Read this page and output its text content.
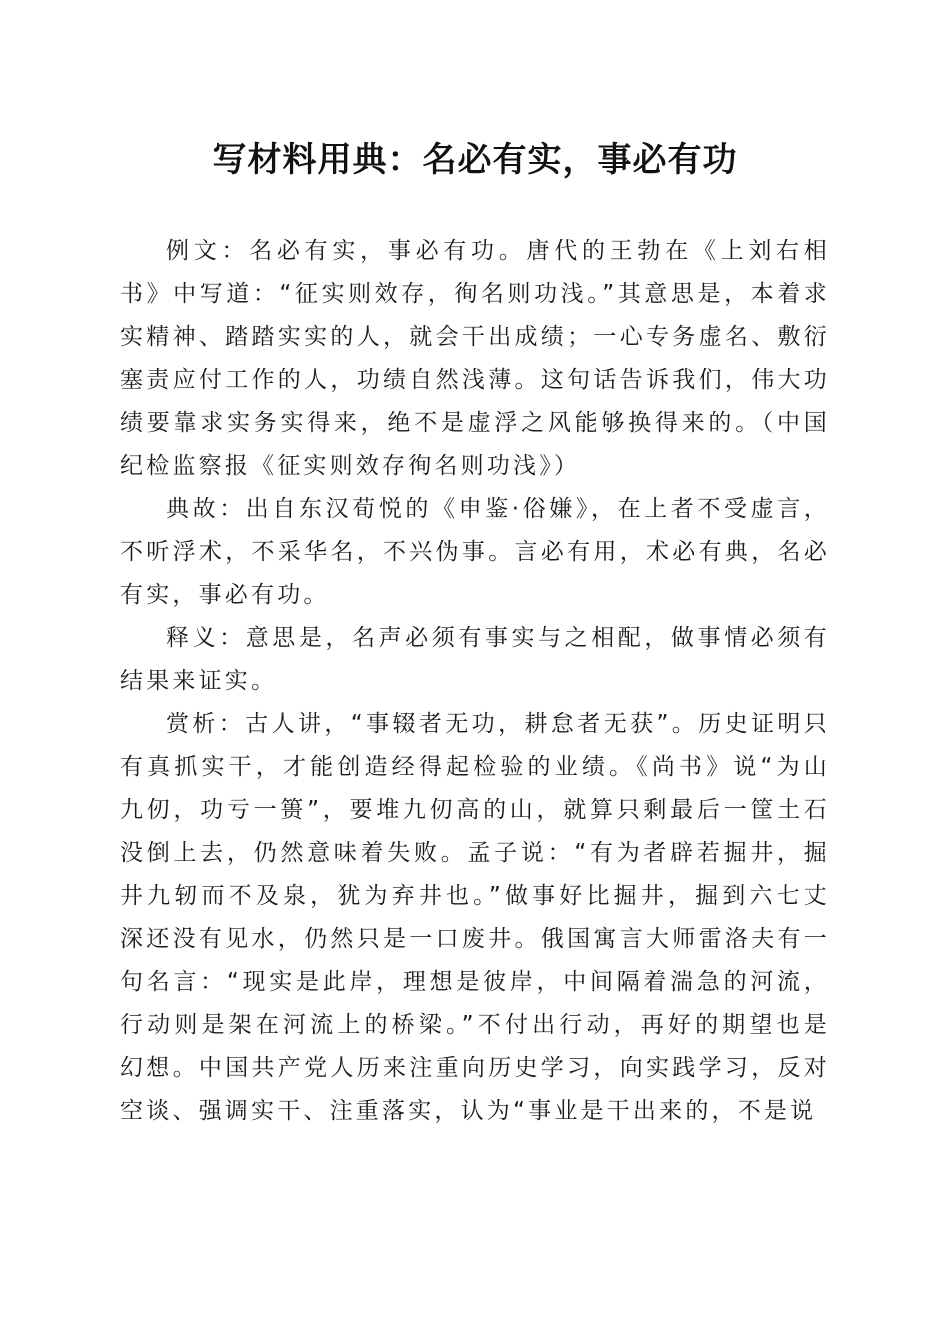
写材料用典：名必有实，事必有功

例文：名必有实，事必有功。唐代的王勃在《上刘右相书》中写道：“征实则效存，徇名则功浅。”其意思是，本着求实精神、踏踏实实的人，就会干出成绩；一心专务虚名、敷衍塞责应付工作的人，功绩自然浅薄。这句话告诉我们，伟大功绩要靠求实务实得来，绝不是虚浮之风能够换得来的。（中国纪检监察报《征实则效存徇名则功浅》）

典故：出自东汉荀悦的《申鉴·俗嫌》，在上者不受虚言，不听浮术，不采华名，不兴伪事。言必有用，术必有典，名必有实，事必有功。

释义：意思是，名声必须有事实与之相配，做事情必须有结果来证实。

赏析：古人讲，“事辍者无功，耕怠者无获”。历史证明只有真抓实干，才能创造经得起检验的业绩。《尚书》说“为山九仞，功亏一篑”，要堆九仞高的山，就算只剩最后一筐土石没倒上去，仍然意味着失败。孟子说：“有为者辟若掘井，掘井九轫而不及泉，犹为弃井也。”做事好比掘井，掘到六七丈深还没有见水，仍然只是一口废井。俄国寓言大师雷洛夫有一句名言：“现实是此岸，理想是彼岸，中间隔着湍急的河流，行动则是架在河流上的桥梁。”不付出行动，再好的期望也是幻想。中国共产党人历来注重向历史学习，向实践学习，反对空谈、强调实干、注重落实，认为“事业是干出来的，不是说
